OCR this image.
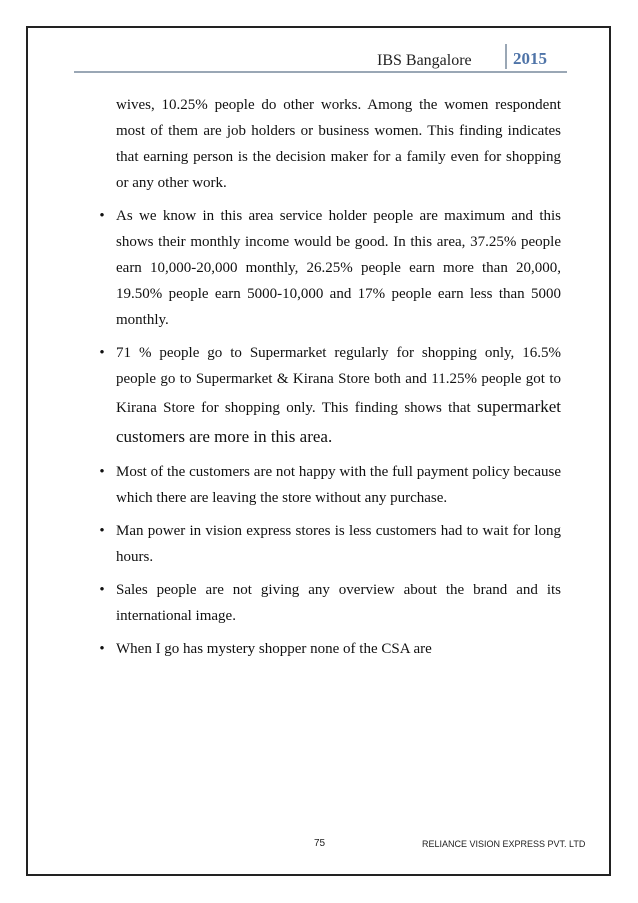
IBS Bangalore 2015

wives, 10.25% people do other works. Among the women respondent most of them are job holders or business women. This finding indicates that earning person is the decision maker for a family even for shopping or any other work.

• As we know in this area service holder people are maximum and this shows their monthly income would be good. In this area, 37.25% people earn 10,000-20,000 monthly, 26.25% people earn more than 20,000, 19.50% people earn 5000-10,000 and 17% people earn less than 5000 monthly.
• 71 % people go to Supermarket regularly for shopping only, 16.5% people go to Supermarket & Kirana Store both and 11.25% people got to Kirana Store for shopping only. This finding shows that supermarket customers are more in this area.
• Most of the customers are not happy with the full payment policy because which there are leaving the store without any purchase.
• Man power in vision express stores is less customers had to wait for long hours.
• Sales people are not giving any overview about the brand and its international image.
• When I go has mystery shopper none of the CSA are
75	RELIANCE VISION EXPRESS PVT. LTD
